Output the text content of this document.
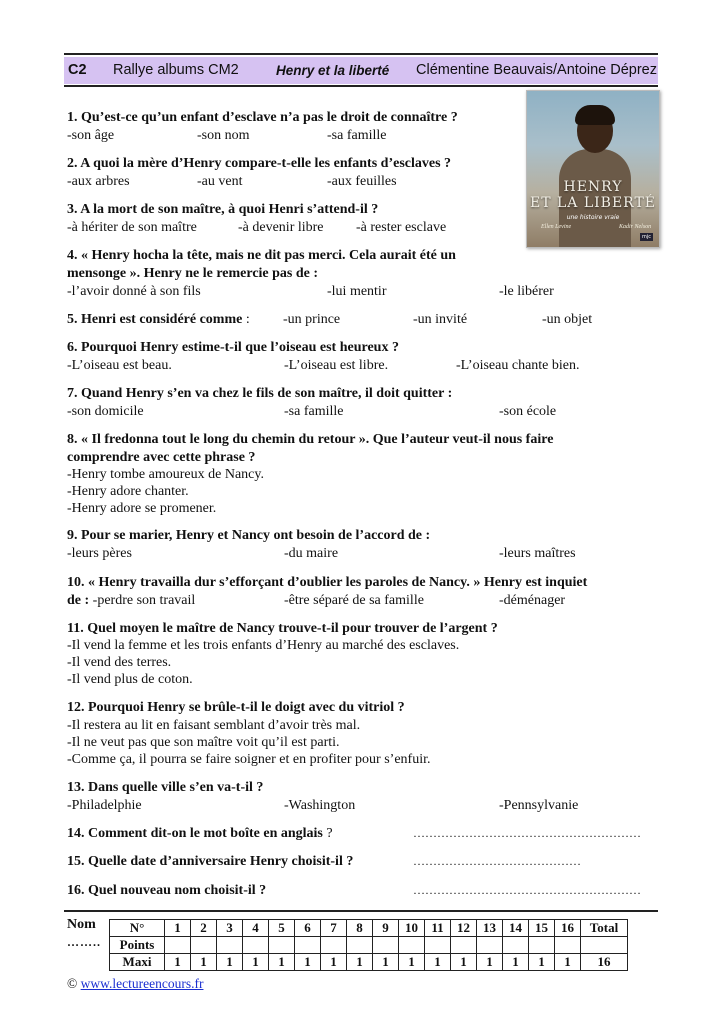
C2 Rallye albums CM2	Henry et la liberté Clémentine Beauvais/Antoine Déprez
HENRY
ET LA LIBERTÉ
une histoire vraie
Ellen Levine	Kadir Nelson
mjc
1. Qu’est-ce qu’un enfant d’esclave n’a pas le droit de connaître ?
-son âge	-son nom	-sa famille
2. A quoi la mère d’Henry compare-t-elle les enfants d’esclaves ?
-aux arbres	-au vent	-aux feuilles
3. A la mort de son maître, à quoi Henri s’attend-il ?
-à hériter de son maître	-à devenir libre -à rester esclave
4. « Henry hocha la tête, mais ne dit pas merci. Cela aurait été un
mensonge ». Henry ne le remercie pas de :
-l’avoir donné à son fils	-lui mentir	-le libérer
5. Henri est considéré comme : -un prince	-un invité	-un objet
6. Pourquoi Henry estime-t-il que l’oiseau est heureux ?
-L’oiseau est beau.	-L’oiseau est libre.	-L’oiseau chante bien.
7. Quand Henry s’en va chez le fils de son maître, il doit quitter :
-son domicile	-sa famille	-son école
8. « Il fredonna tout le long du chemin du retour ». Que l’auteur veut-il nous faire
comprendre avec cette phrase ?
-Henry tombe amoureux de Nancy.
-Henry adore chanter.
-Henry adore se promener.
9. Pour se marier, Henry et Nancy ont besoin de l’accord de :
-leurs pères	-du maire	-leurs maîtres
10. « Henry travailla dur s’efforçant d’oublier les paroles de Nancy. » Henry est inquiet
de : -perdre son travail	-être séparé de sa famille	-déménager
11. Quel moyen le maître de Nancy trouve-t-il pour trouver de l’argent ?
-Il vend la femme et les trois enfants d’Henry au marché des esclaves.
-Il vend des terres.
-Il vend plus de coton.
12. Pourquoi Henry se brûle-t-il le doigt avec du vitriol ?
-Il restera au lit en faisant semblant d’avoir très mal.
-Il ne veut pas que son maître voit qu’il est parti.
-Comme ça, il pourra se faire soigner et en profiter pour s’enfuir.
13. Dans quelle ville s’en va-t-il ?
-Philadelphie	-Washington	-Pennsylvanie
14. Comment dit-on le mot boîte en anglais ?	…………………………………………………
15. Quelle date d’anniversaire Henry choisit-il ?	……………………………………
16. Quel nouveau nom choisit-il ?	…………………………………………………
Nom
……..
N°	1	2	3	4	5	6	7	8	9	10	11	12	13	14	15	16	Total
Points																	
Maxi	1	1	1	1	1	1	1	1	1	1	1	1	1	1	1	1	16
© www.lectureencours.fr
